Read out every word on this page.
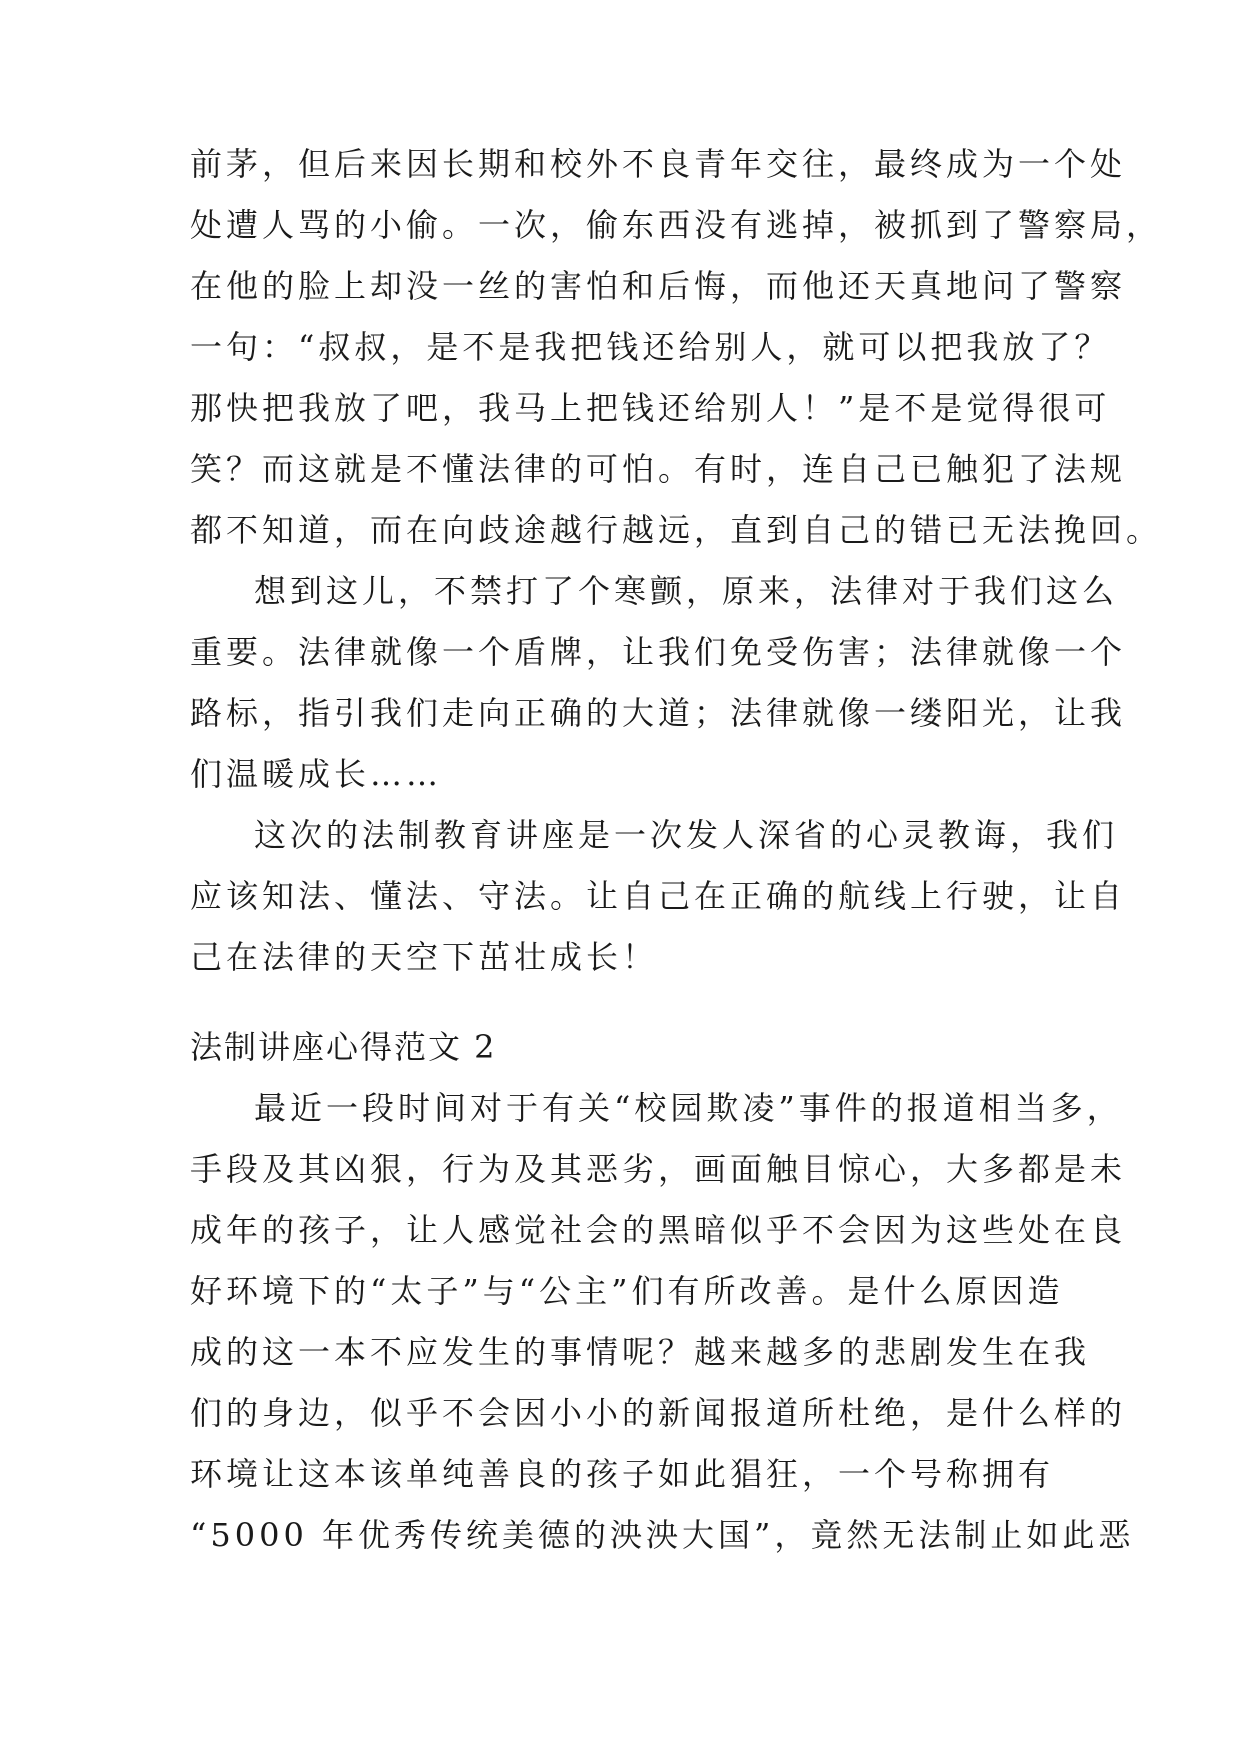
前茅，但后来因长期和校外不良青年交往，最终成为一个处
处遭人骂的小偷。一次，偷东西没有逃掉，被抓到了警察局，
在他的脸上却没一丝的害怕和后悔，而他还天真地问了警察
一句：“叔叔，是不是我把钱还给别人，就可以把我放了？
那快把我放了吧，我马上把钱还给别人！”是不是觉得很可
笑？而这就是不懂法律的可怕。有时，连自己已触犯了法规
都不知道，而在向歧途越行越远，直到自己的错已无法挽回。
想到这儿，不禁打了个寒颤，原来，法律对于我们这么
重要。法律就像一个盾牌，让我们免受伤害；法律就像一个
路标，指引我们走向正确的大道；法律就像一缕阳光，让我
们温暖成长……
这次的法制教育讲座是一次发人深省的心灵教诲，我们
应该知法、懂法、守法。让自己在正确的航线上行驶，让自
己在法律的天空下茁壮成长！
法制讲座心得范文 2
最近一段时间对于有关“校园欺凌”事件的报道相当多，
手段及其凶狠，行为及其恶劣，画面触目惊心，大多都是未
成年的孩子，让人感觉社会的黑暗似乎不会因为这些处在良
好环境下的“太子”与“公主”们有所改善。是什么原因造
成的这一本不应发生的事情呢？越来越多的悲剧发生在我
们的身边，似乎不会因小小的新闻报道所杜绝，是什么样的
环境让这本该单纯善良的孩子如此猖狂，一个号称拥有
“5000 年优秀传统美德的泱泱大国”，竟然无法制止如此恶
